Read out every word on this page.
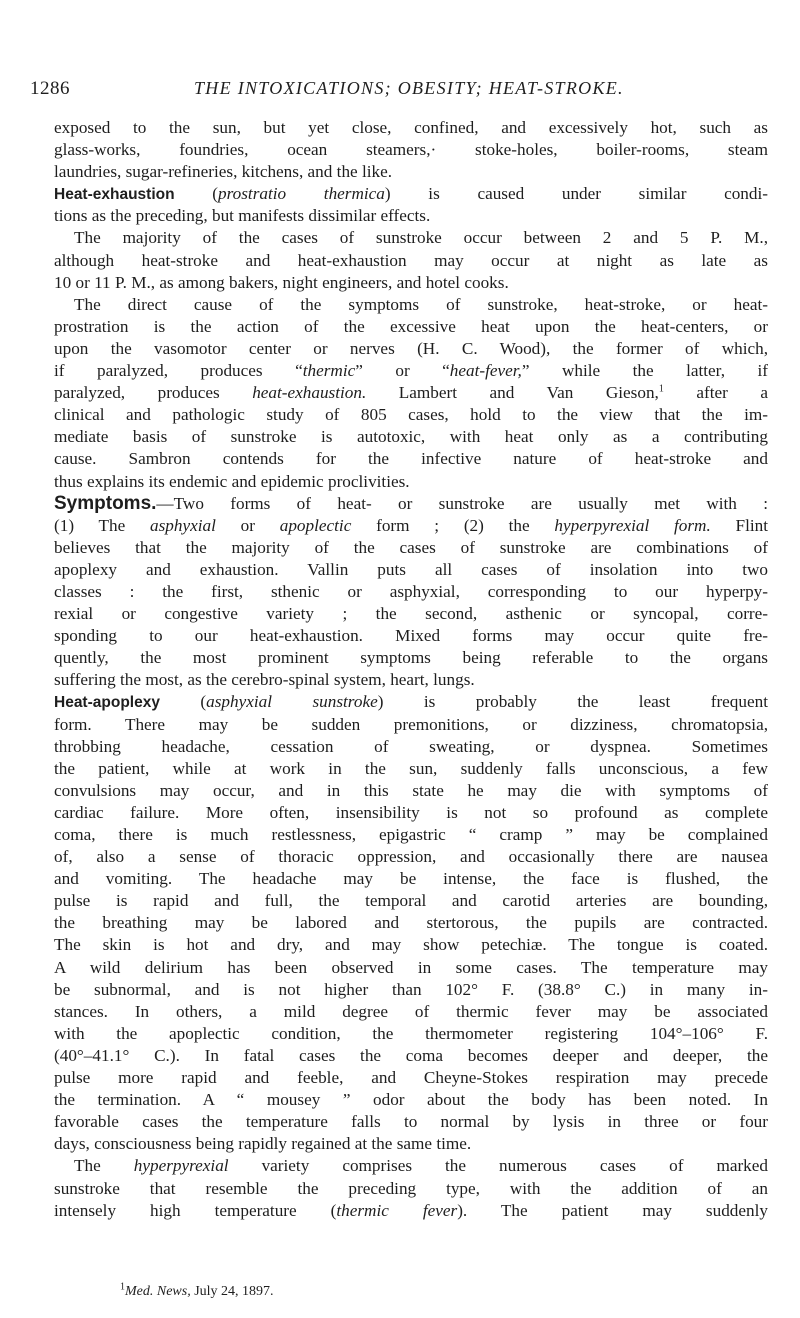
1286	THE INTOXICATIONS; OBESITY; HEAT-STROKE.
exposed to the sun, but yet close, confined, and excessively hot, such as
glass-works, foundries, ocean steamers,· stoke-holes, boiler-rooms, steam
laundries, sugar-refineries, kitchens, and the like.
Heat-exhaustion (prostratio thermica) is caused under similar condi-
tions as the preceding, but manifests dissimilar effects.
The majority of the cases of sunstroke occur between 2 and 5 P. M.,
although heat-stroke and heat-exhaustion may occur at night as late as
10 or 11 P. M., as among bakers, night engineers, and hotel cooks.
The direct cause of the symptoms of sunstroke, heat-stroke, or heat-
prostration is the action of the excessive heat upon the heat-centers, or
upon the vasomotor center or nerves (H. C. Wood), the former of which,
if paralyzed, produces “thermic” or “heat-fever,” while the latter, if
paralyzed, produces heat-exhaustion. Lambert and Van Gieson,$^1$ after a
clinical and pathologic study of 805 cases, hold to the view that the im-
mediate basis of sunstroke is autotoxic, with heat only as a contributing
cause. Sambron contends for the infective nature of heat-stroke and
thus explains its endemic and epidemic proclivities.
Symptoms.—Two forms of heat- or sunstroke are usually met with :
(1) The asphyxial or apoplectic form ; (2) the hyperpyrexial form. Flint
believes that the majority of the cases of sunstroke are combinations of
apoplexy and exhaustion. Vallin puts all cases of insolation into two
classes : the first, sthenic or asphyxial, corresponding to our hyperpy-
rexial or congestive variety ; the second, asthenic or syncopal, corre-
sponding to our heat-exhaustion. Mixed forms may occur quite fre-
quently, the most prominent symptoms being referable to the organs
suffering the most, as the cerebro-spinal system, heart, lungs.
Heat-apoplexy (asphyxial sunstroke) is probably the least frequent
form. There may be sudden premonitions, or dizziness, chromatopsia,
throbbing headache, cessation of sweating, or dyspnea. Sometimes
the patient, while at work in the sun, suddenly falls unconscious, a few
convulsions may occur, and in this state he may die with symptoms of
cardiac failure. More often, insensibility is not so profound as complete
coma, there is much restlessness, epigastric “ cramp ” may be complained
of, also a sense of thoracic oppression, and occasionally there are nausea
and vomiting. The headache may be intense, the face is flushed, the
pulse is rapid and full, the temporal and carotid arteries are bounding,
the breathing may be labored and stertorous, the pupils are contracted.
The skin is hot and dry, and may show petechiæ. The tongue is coated.
A wild delirium has been observed in some cases. The temperature may
be subnormal, and is not higher than 102° F. (38.8° C.) in many in-
stances. In others, a mild degree of thermic fever may be associated
with the apoplectic condition, the thermometer registering 104°–106° F.
(40°–41.1° C.). In fatal cases the coma becomes deeper and deeper, the
pulse more rapid and feeble, and Cheyne-Stokes respiration may precede
the termination. A “ mousey ” odor about the body has been noted. In
favorable cases the temperature falls to normal by lysis in three or four
days, consciousness being rapidly regained at the same time.
The hyperpyrexial variety comprises the numerous cases of marked
sunstroke that resemble the preceding type, with the addition of an
intensely high temperature (thermic fever). The patient may suddenly
$^1$Med. News, July 24, 1897.
